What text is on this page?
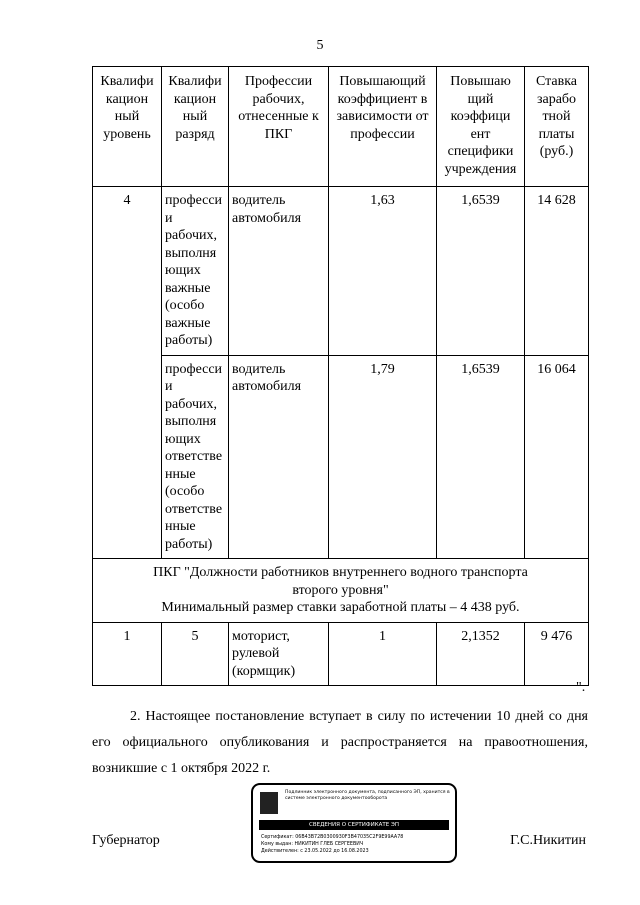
5
Квалифи кацион ный уровень	Квалифи кацион ный разряд	Профессии рабочих, отнесенные к ПКГ	Повышающий коэффициент в зависимости от профессии	Повышаю щий коэффици ент специфики учреждения	Ставка зарабо тной платы (руб.)
4	професси и рабочих, выполня ющих важные (особо важные работы)	водитель автомобиля	1,63	1,6539	14 628
	професси и рабочих, выполня ющих ответстве нные (особо ответстве нные работы)	водитель автомобиля	1,79	1,6539	16 064

ПКГ "Должности работников внутреннего водного транспорта
второго уровня"
Минимальный размер ставки заработной платы – 4 438 руб.					

1	5	моторист, рулевой (кормщик)	1	2,1352	9 476
".
2. Настоящее постановление вступает в силу по истечении 10 дней со дня его официального опубликования и распространяется на правоотношения, возникшие с 1 октября 2022 г.
Губернатор	Г.С.Никитин
Подлинник электронного документа, подписанного ЭП, хранится в системе электронного документооборота
СВЕДЕНИЯ О СЕРТИФИКАТЕ ЭП
Сертификат: 06B43B72B0300930F3B47035C2F9E99AA78
Кому выдан: НИКИТИН ГЛЕБ СЕРГЕЕВИЧ
Действителен: с 23.05.2022 до 16.08.2023
